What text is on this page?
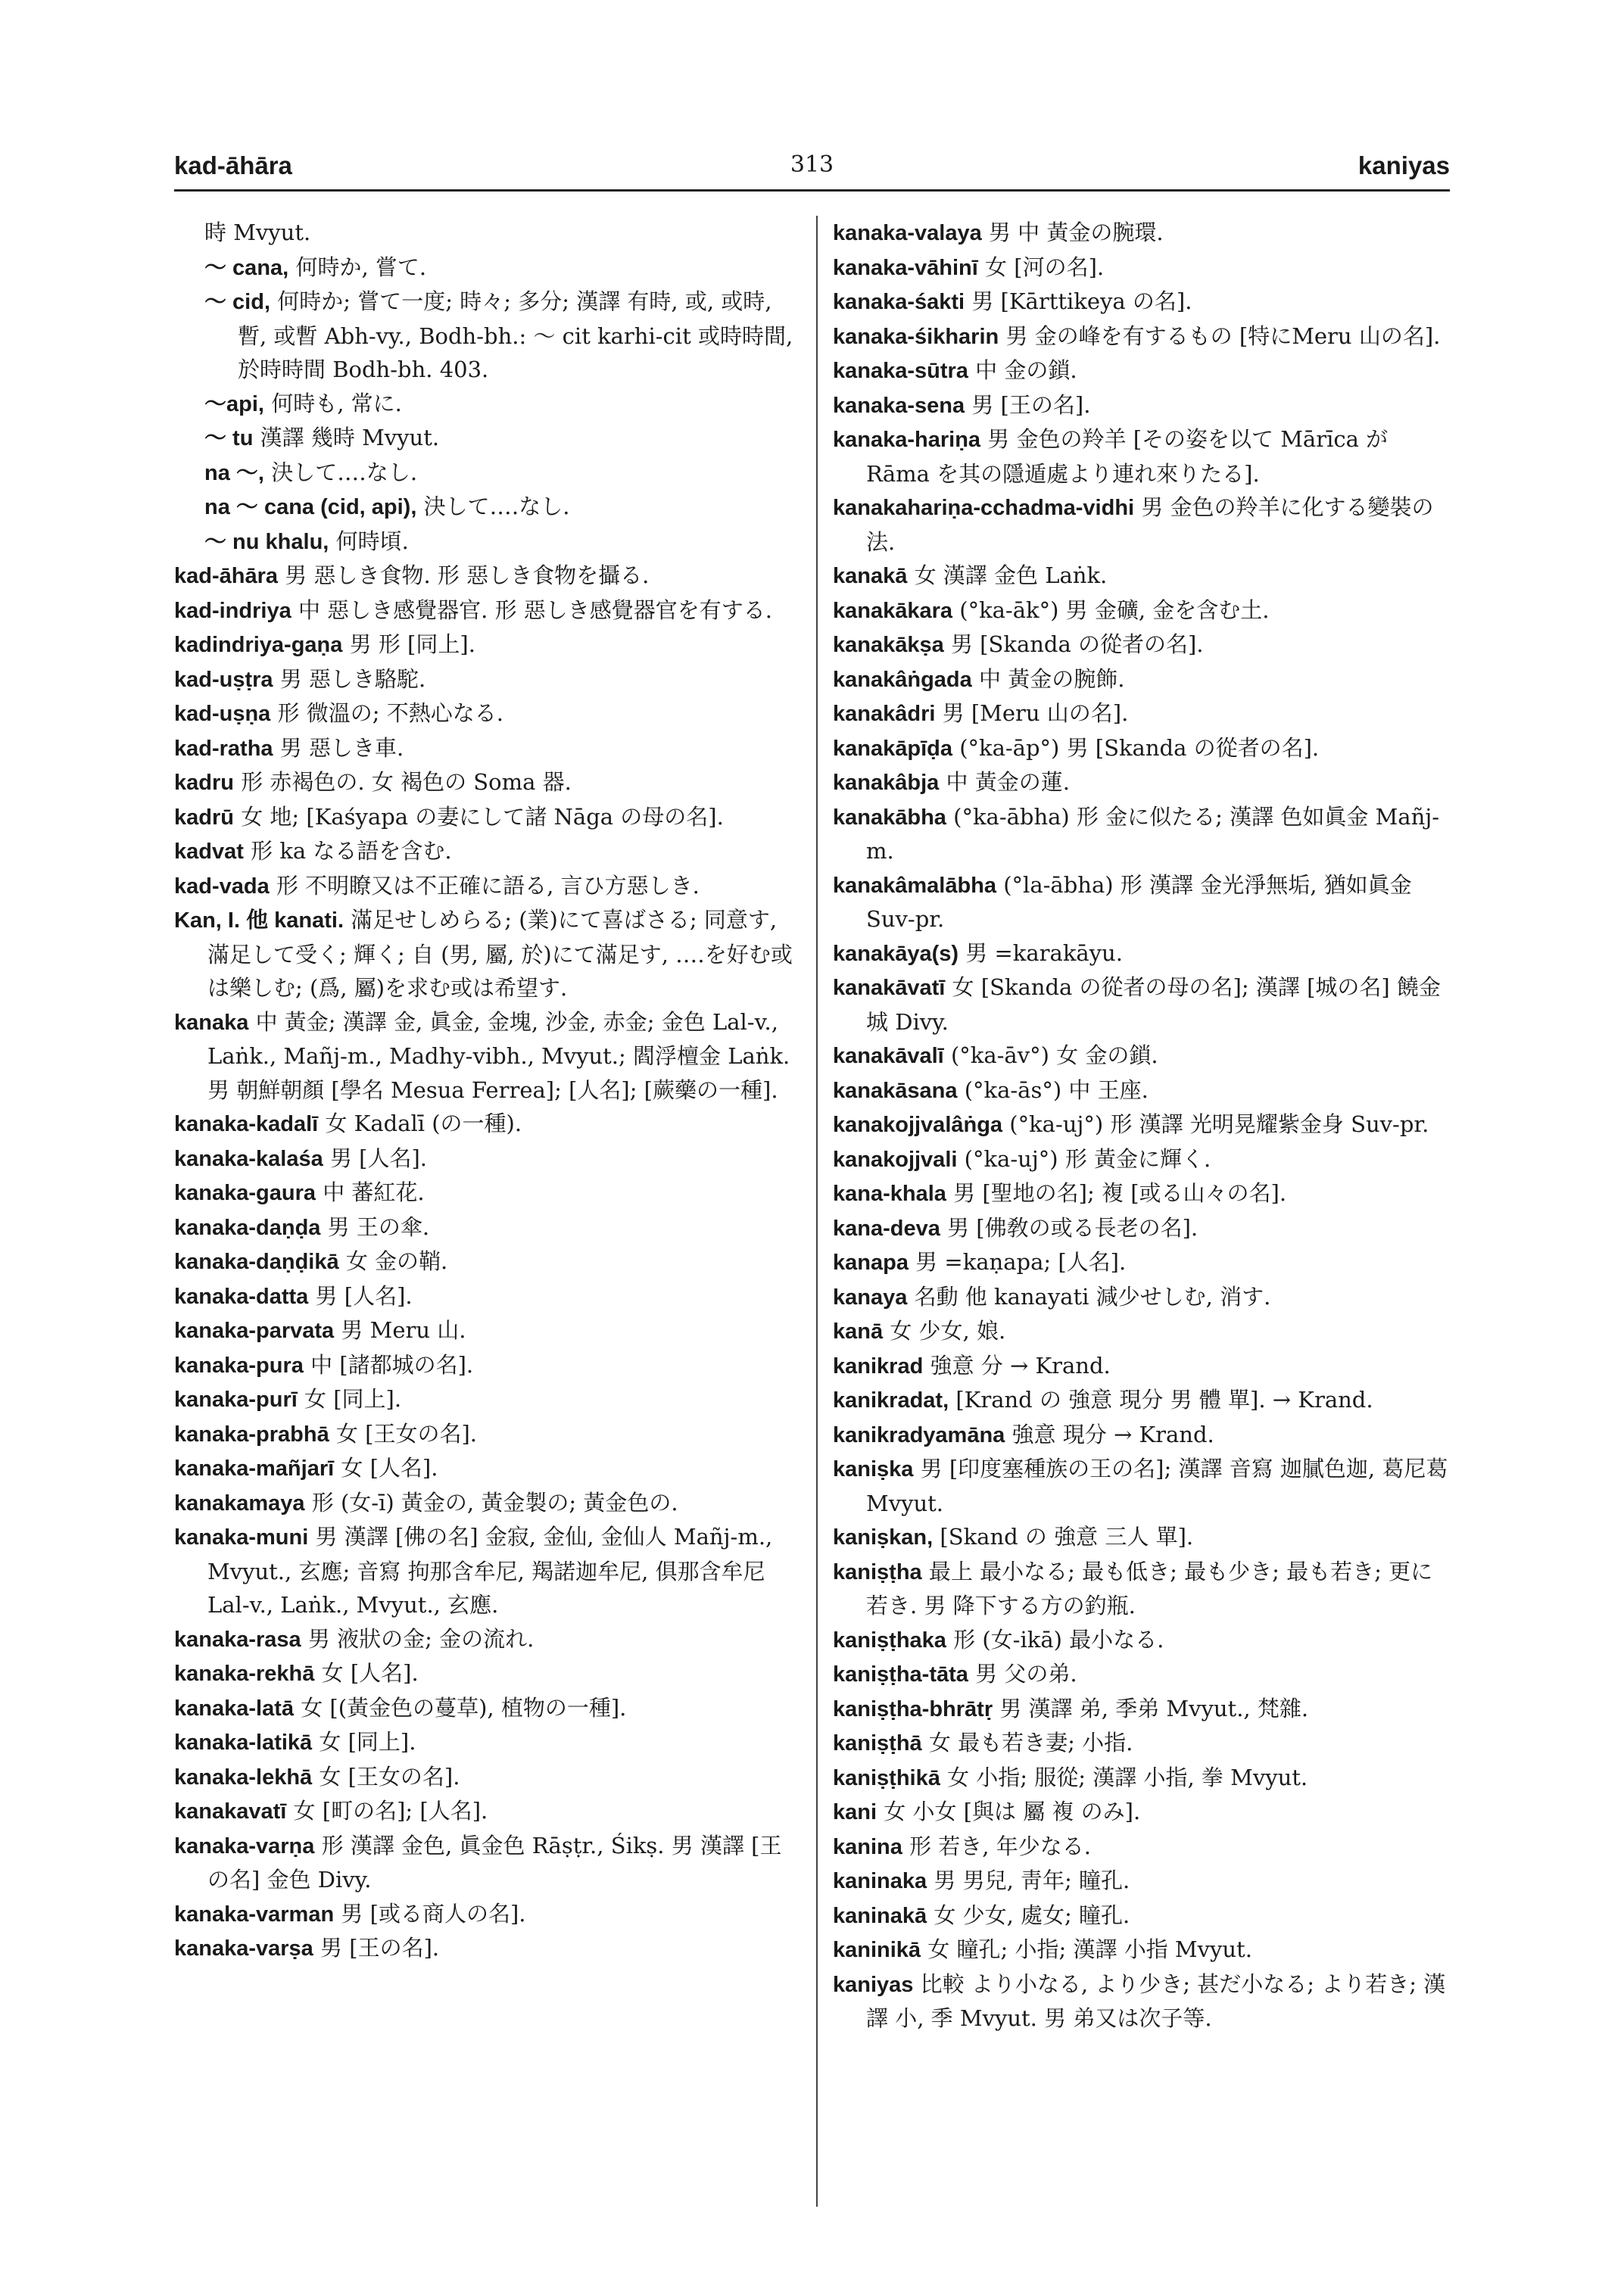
kad-āhāra	313	kaniyas

時 Mvyut.

～ cana, 何時か, 嘗て.

～ cid, 何時か; 嘗て一度; 時々; 多分; 漢譯 有時, 或, 或時, 暫, 或暫 Abh-vy., Bodh-bh.: ～ cit karhi-cit 或時時間, 於時時間 Bodh-bh. 403.

～api, 何時も, 常に.

～ tu 漢譯 幾時 Mvyut.

na ～, 決して‥‥なし.

na ～ cana (cid, api), 決して‥‥なし.

～ nu khalu, 何時頃.

kad-āhāra 男 惡しき食物. 形 惡しき食物を攝る.

kad-indriya 中 惡しき感覺器官. 形 惡しき感覺器官を有する.

kadindriya-gaṇa 男 形 [同上].

kad-uṣṭra 男 惡しき駱駝.

kad-uṣṇa 形 微溫の; 不熱心なる.

kad-ratha 男 惡しき車.

kadru 形 赤褐色の. 女 褐色の Soma 器.

kadrū 女 地; [Kaśyapa の妻にして諸 Nāga の母の名].

kadvat 形 ka なる語を含む.

kad-vada 形 不明瞭又は不正確に語る, 言ひ方惡しき.

Kan, I. 他 kanati. 滿足せしめらる; (業)にて喜ばさる; 同意す, 滿足して受く; 輝く; 自 (男, 屬, 於)にて滿足す, ‥‥を好む或は樂しむ; (爲, 屬)を求む或は希望す.

kanaka 中 黃金; 漢譯 金, 眞金, 金塊, 沙金, 赤金; 金色 Lal-v., Laṅk., Mañj-m., Madhy-vibh., Mvyut.; 閻浮檀金 Laṅk. 男 朝鮮朝顏 [學名 Mesua Ferrea]; [人名]; [蕨藥の一種].

kanaka-kadalī 女 Kadalī (の一種).

kanaka-kalaśa 男 [人名].

kanaka-gaura 中 蕃紅花.

kanaka-daṇḍa 男 王の傘.

kanaka-daṇḍikā 女 金の鞘.

kanaka-datta 男 [人名].

kanaka-parvata 男 Meru 山.

kanaka-pura 中 [諸都城の名].

kanaka-purī 女 [同上].

kanaka-prabhā 女 [王女の名].

kanaka-mañjarī 女 [人名].

kanakamaya 形 (女-ī) 黃金の, 黃金製の; 黃金色の.

kanaka-muni 男 漢譯 [佛の名] 金寂, 金仙, 金仙人 Mañj-m., Mvyut., 玄應; 音寫 拘那含牟尼, 羯諾迦牟尼, 俱那含牟尼 Lal-v., Laṅk., Mvyut., 玄應.

kanaka-rasa 男 液狀の金; 金の流れ.

kanaka-rekhā 女 [人名].

kanaka-latā 女 [(黃金色の蔓草), 植物の一種].

kanaka-latikā 女 [同上].

kanaka-lekhā 女 [王女の名].

kanakavatī 女 [町の名]; [人名].

kanaka-varṇa 形 漢譯 金色, 眞金色 Rāṣṭr., Śikṣ. 男 漢譯 [王の名] 金色 Divy.

kanaka-varman 男 [或る商人の名].

kanaka-varṣa 男 [王の名].

kanaka-valaya 男 中 黃金の腕環.

kanaka-vāhinī 女 [河の名].

kanaka-śakti 男 [Kārttikeya の名].

kanaka-śikharin 男 金の峰を有するもの [特にMeru 山の名].

kanaka-sūtra 中 金の鎖.

kanaka-sena 男 [王の名].

kanaka-hariṇa 男 金色の羚羊 [その姿を以て Mārīca が Rāma を其の隱遁處より連れ來りたる].

kanakahariṇa-cchadma-vidhi 男 金色の羚羊に化する變裝の法.

kanakā 女 漢譯 金色 Laṅk.

kanakākara (°ka-āk°) 男 金礦, 金を含む土.

kanakākṣa 男 [Skanda の從者の名].

kanakâṅgada 中 黃金の腕飾.

kanakâdri 男 [Meru 山の名].

kanakāpīḍa (°ka-āp°) 男 [Skanda の從者の名].

kanakâbja 中 黃金の蓮.

kanakābha (°ka-ābha) 形 金に似たる; 漢譯 色如眞金 Mañj-m.

kanakâmalābha (°la-ābha) 形 漢譯 金光淨無垢, 猶如眞金 Suv-pr.

kanakāya(s) 男 =karakāyu.

kanakāvatī 女 [Skanda の從者の母の名]; 漢譯 [城の名] 饒金城 Divy.

kanakāvalī (°ka-āv°) 女 金の鎖.

kanakāsana (°ka-ās°) 中 王座.

kanakojjvalâṅga (°ka-uj°) 形 漢譯 光明晃耀紫金身 Suv-pr.

kanakojjvali (°ka-uj°) 形 黃金に輝く.

kana-khala 男 [聖地の名]; 複 [或る山々の名].

kana-deva 男 [佛敎の或る長老の名].

kanapa 男 =kaṇapa; [人名].

kanaya 名動 他 kanayati 減少せしむ, 消す.

kanā 女 少女, 娘.

kanikrad 強意 分 → Krand.

kanikradat, [Krand の 強意 現分 男 體 單]. → Krand.

kanikradyamāna 強意 現分 → Krand.

kaniṣka 男 [印度塞種族の王の名]; 漢譯 音寫 迦膩色迦, 葛尼葛 Mvyut.

kaniṣkan, [Skand の 強意 三人 單].

kaniṣṭha 最上 最小なる; 最も低き; 最も少き; 最も若き; 更に若き. 男 降下する方の釣瓶.

kaniṣṭhaka 形 (女-ikā) 最小なる.

kaniṣṭha-tāta 男 父の弟.

kaniṣṭha-bhrātṛ 男 漢譯 弟, 季弟 Mvyut., 梵雜.

kaniṣṭhā 女 最も若き妻; 小指.

kaniṣṭhikā 女 小指; 服從; 漢譯 小指, 拳 Mvyut.

kani 女 小女 [與は 屬 複 のみ].

kanina 形 若き, 年少なる.

kaninaka 男 男兒, 靑年; 瞳孔.

kaninakā 女 少女, 處女; 瞳孔.

kaninikā 女 瞳孔; 小指; 漢譯 小指 Mvyut.

kaniyas 比較 より小なる, より少き; 甚だ小なる; より若き; 漢譯 小, 季 Mvyut. 男 弟又は次子等.
